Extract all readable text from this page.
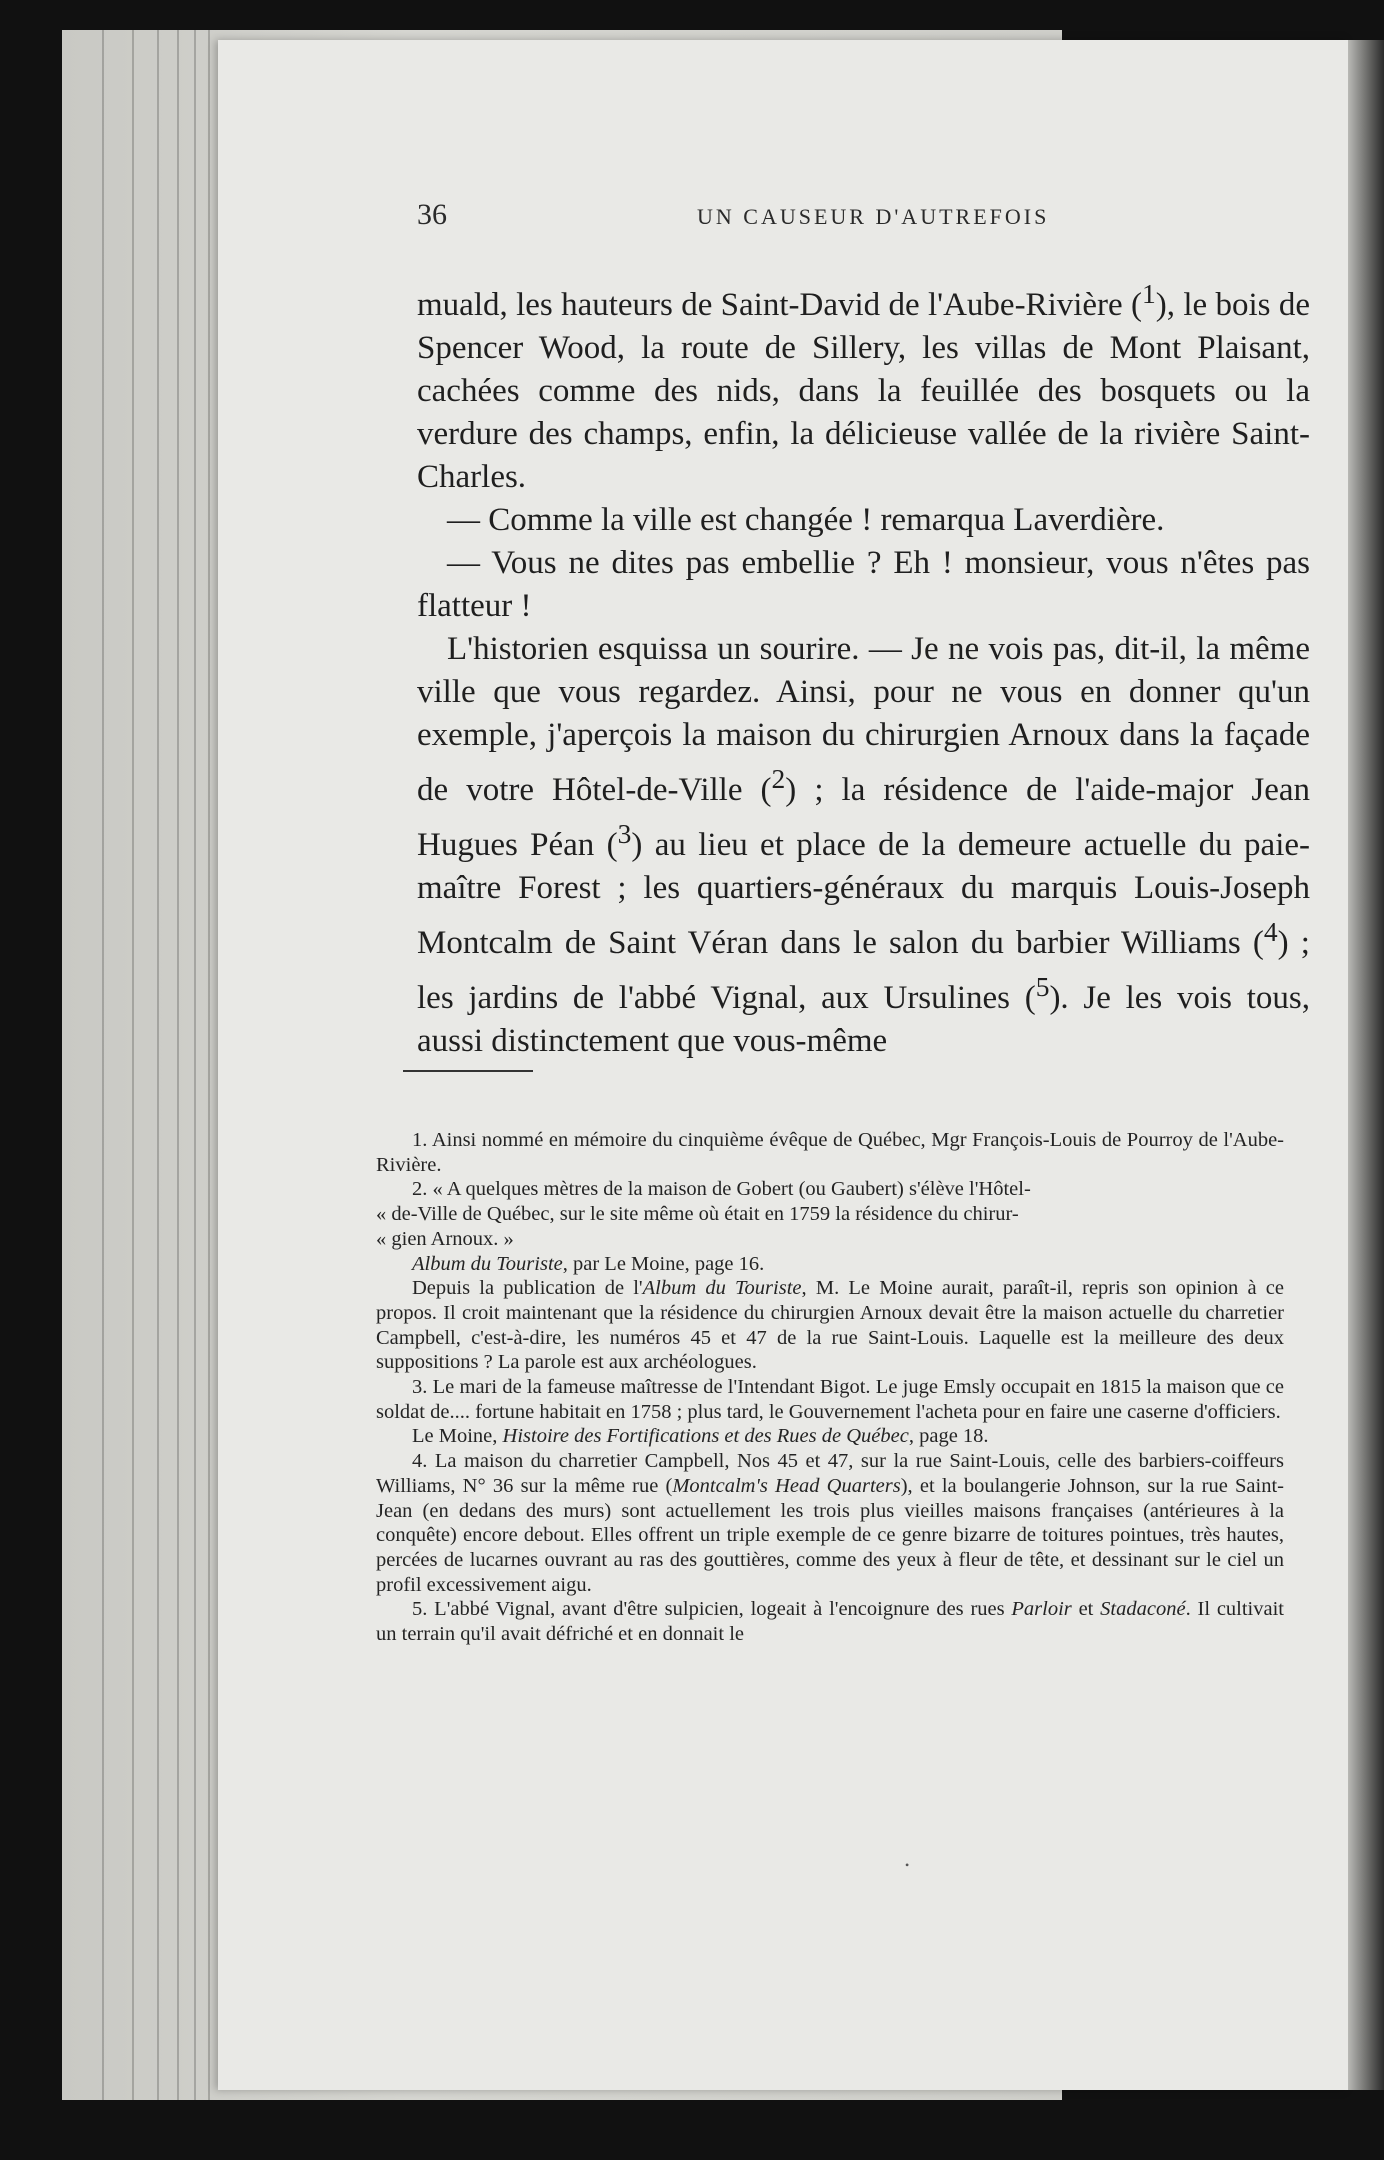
36	UN CAUSEUR D'AUTREFOIS

muald, les hauteurs de Saint-David de l'Aube-Rivière ($^1$), le bois de Spencer Wood, la route de Sillery, les villas de Mont Plaisant, cachées comme des nids, dans la feuillée des bosquets ou la verdure des champs, enfin, la délicieuse vallée de la rivière Saint-Charles.

— Comme la ville est changée ! remarqua Laverdière.

— Vous ne dites pas embellie ? Eh ! monsieur, vous n'êtes pas flatteur !

L'historien esquissa un sourire. — Je ne vois pas, dit-il, la même ville que vous regardez. Ainsi, pour ne vous en donner qu'un exemple, j'aperçois la maison du chirurgien Arnoux dans la façade de votre Hôtel-de-Ville ($^2$) ; la résidence de l'aide-major Jean Hugues Péan ($^3$) au lieu et place de la demeure actuelle du paie-maître Forest ; les quartiers-généraux du marquis Louis-Joseph Montcalm de Saint Véran dans le salon du barbier Williams ($^4$) ; les jardins de l'abbé Vignal, aux Ursulines ($^5$). Je les vois tous, aussi distinctement que vous-même

1. Ainsi nommé en mémoire du cinquième évêque de Québec, Mgr François-Louis de Pourroy de l'Aube-Rivière.

2. « A quelques mètres de la maison de Gobert (ou Gaubert) s'élève l'Hôtel-

« de-Ville de Québec, sur le site même où était en 1759 la résidence du chirur-

« gien Arnoux. »

Album du Touriste, par Le Moine, page 16.

Depuis la publication de l'Album du Touriste, M. Le Moine aurait, paraît-il, repris son opinion à ce propos. Il croit maintenant que la résidence du chirurgien Arnoux devait être la maison actuelle du charretier Campbell, c'est-à-dire, les numéros 45 et 47 de la rue Saint-Louis. Laquelle est la meilleure des deux suppositions ? La parole est aux archéologues.

3. Le mari de la fameuse maîtresse de l'Intendant Bigot. Le juge Emsly occupait en 1815 la maison que ce soldat de.... fortune habitait en 1758 ; plus tard, le Gouvernement l'acheta pour en faire une caserne d'officiers.

Le Moine, Histoire des Fortifications et des Rues de Québec, page 18.

4. La maison du charretier Campbell, Nos 45 et 47, sur la rue Saint-Louis, celle des barbiers-coiffeurs Williams, N° 36 sur la même rue (Montcalm's Head Quarters), et la boulangerie Johnson, sur la rue Saint-Jean (en dedans des murs) sont actuellement les trois plus vieilles maisons françaises (antérieures à la conquête) encore debout. Elles offrent un triple exemple de ce genre bizarre de toitures pointues, très hautes, percées de lucarnes ouvrant au ras des gouttières, comme des yeux à fleur de tête, et dessinant sur le ciel un profil excessivement aigu.

5. L'abbé Vignal, avant d'être sulpicien, logeait à l'encoignure des rues Parloir et Stadaconé. Il cultivait un terrain qu'il avait défriché et en donnait le

•
